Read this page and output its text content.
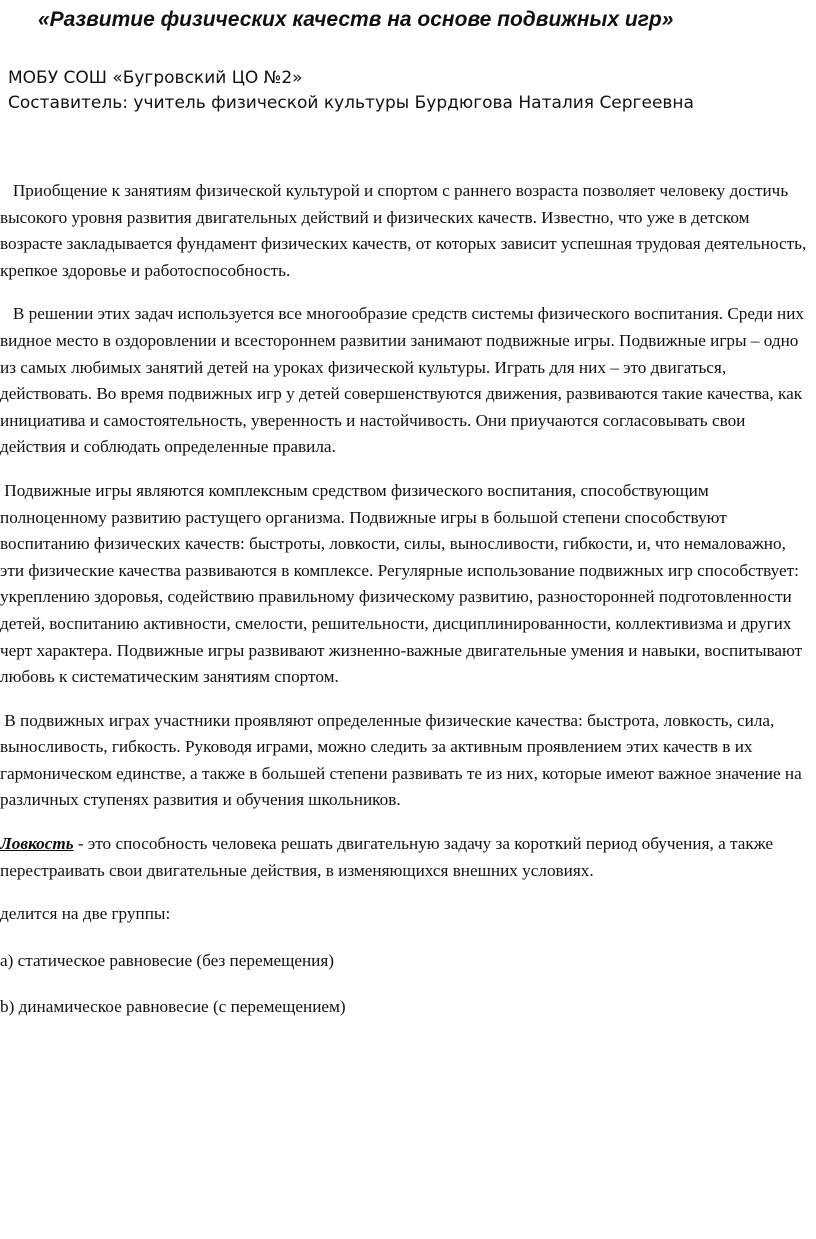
«Развитие физических качеств на основе подвижных игр»

МОБУ СОШ «Бугровский ЦО №2»

Составитель: учитель физической культуры Бурдюгова Наталия Сергеевна

Приобщение к занятиям физической культурой и спортом с раннего возраста позволяет человеку достичь высокого уровня развития двигательных действий и физических качеств. Известно, что уже в детском возрасте закладывается фундамент физических качеств, от которых зависит успешная трудовая деятельность, крепкое здоровье и работоспособность.

В решении этих задач используется все многообразие средств системы физического воспитания. Среди них видное место в оздоровлении и всестороннем развитии занимают подвижные игры. Подвижные игры – одно из самых любимых занятий детей на уроках физической культуры. Играть для них – это двигаться, действовать. Во время подвижных игр у детей совершенствуются движения, развиваются такие качества, как инициатива и самостоятельность, уверенность и настойчивость. Они приучаются согласовывать свои действия и соблюдать определенные правила.

Подвижные игры являются комплексным средством физического воспитания, способствующим полноценному развитию растущего организма. Подвижные игры в большой степени способствуют воспитанию физических качеств: быстроты, ловкости, силы, выносливости, гибкости, и, что немаловажно, эти физические качества развиваются в комплексе. Регулярные использование подвижных игр способствует: укреплению здоровья, содействию правильному физическому развитию, разносторонней подготовленности детей, воспитанию активности, смелости, решительности, дисциплинированности, коллективизма и других черт характера. Подвижные игры развивают жизненно-важные двигательные умения и навыки, воспитывают любовь к систематическим занятиям спортом.

В подвижных играх участники проявляют определенные физические качества: быстрота, ловкость, сила, выносливость, гибкость. Руководя играми, можно следить за активным проявлением этих качеств в их гармоническом единстве, а также в большей степени развивать те из них, которые имеют важное значение на различных ступенях развития и обучения школьников.

Ловкость - это способность человека решать двигательную задачу за короткий период обучения, а также перестраивать свои двигательные действия, в изменяющихся внешних условиях.

делится на две группы:

а) статическое равновесие (без перемещения)

b) динамическое равновесие (с перемещением)
